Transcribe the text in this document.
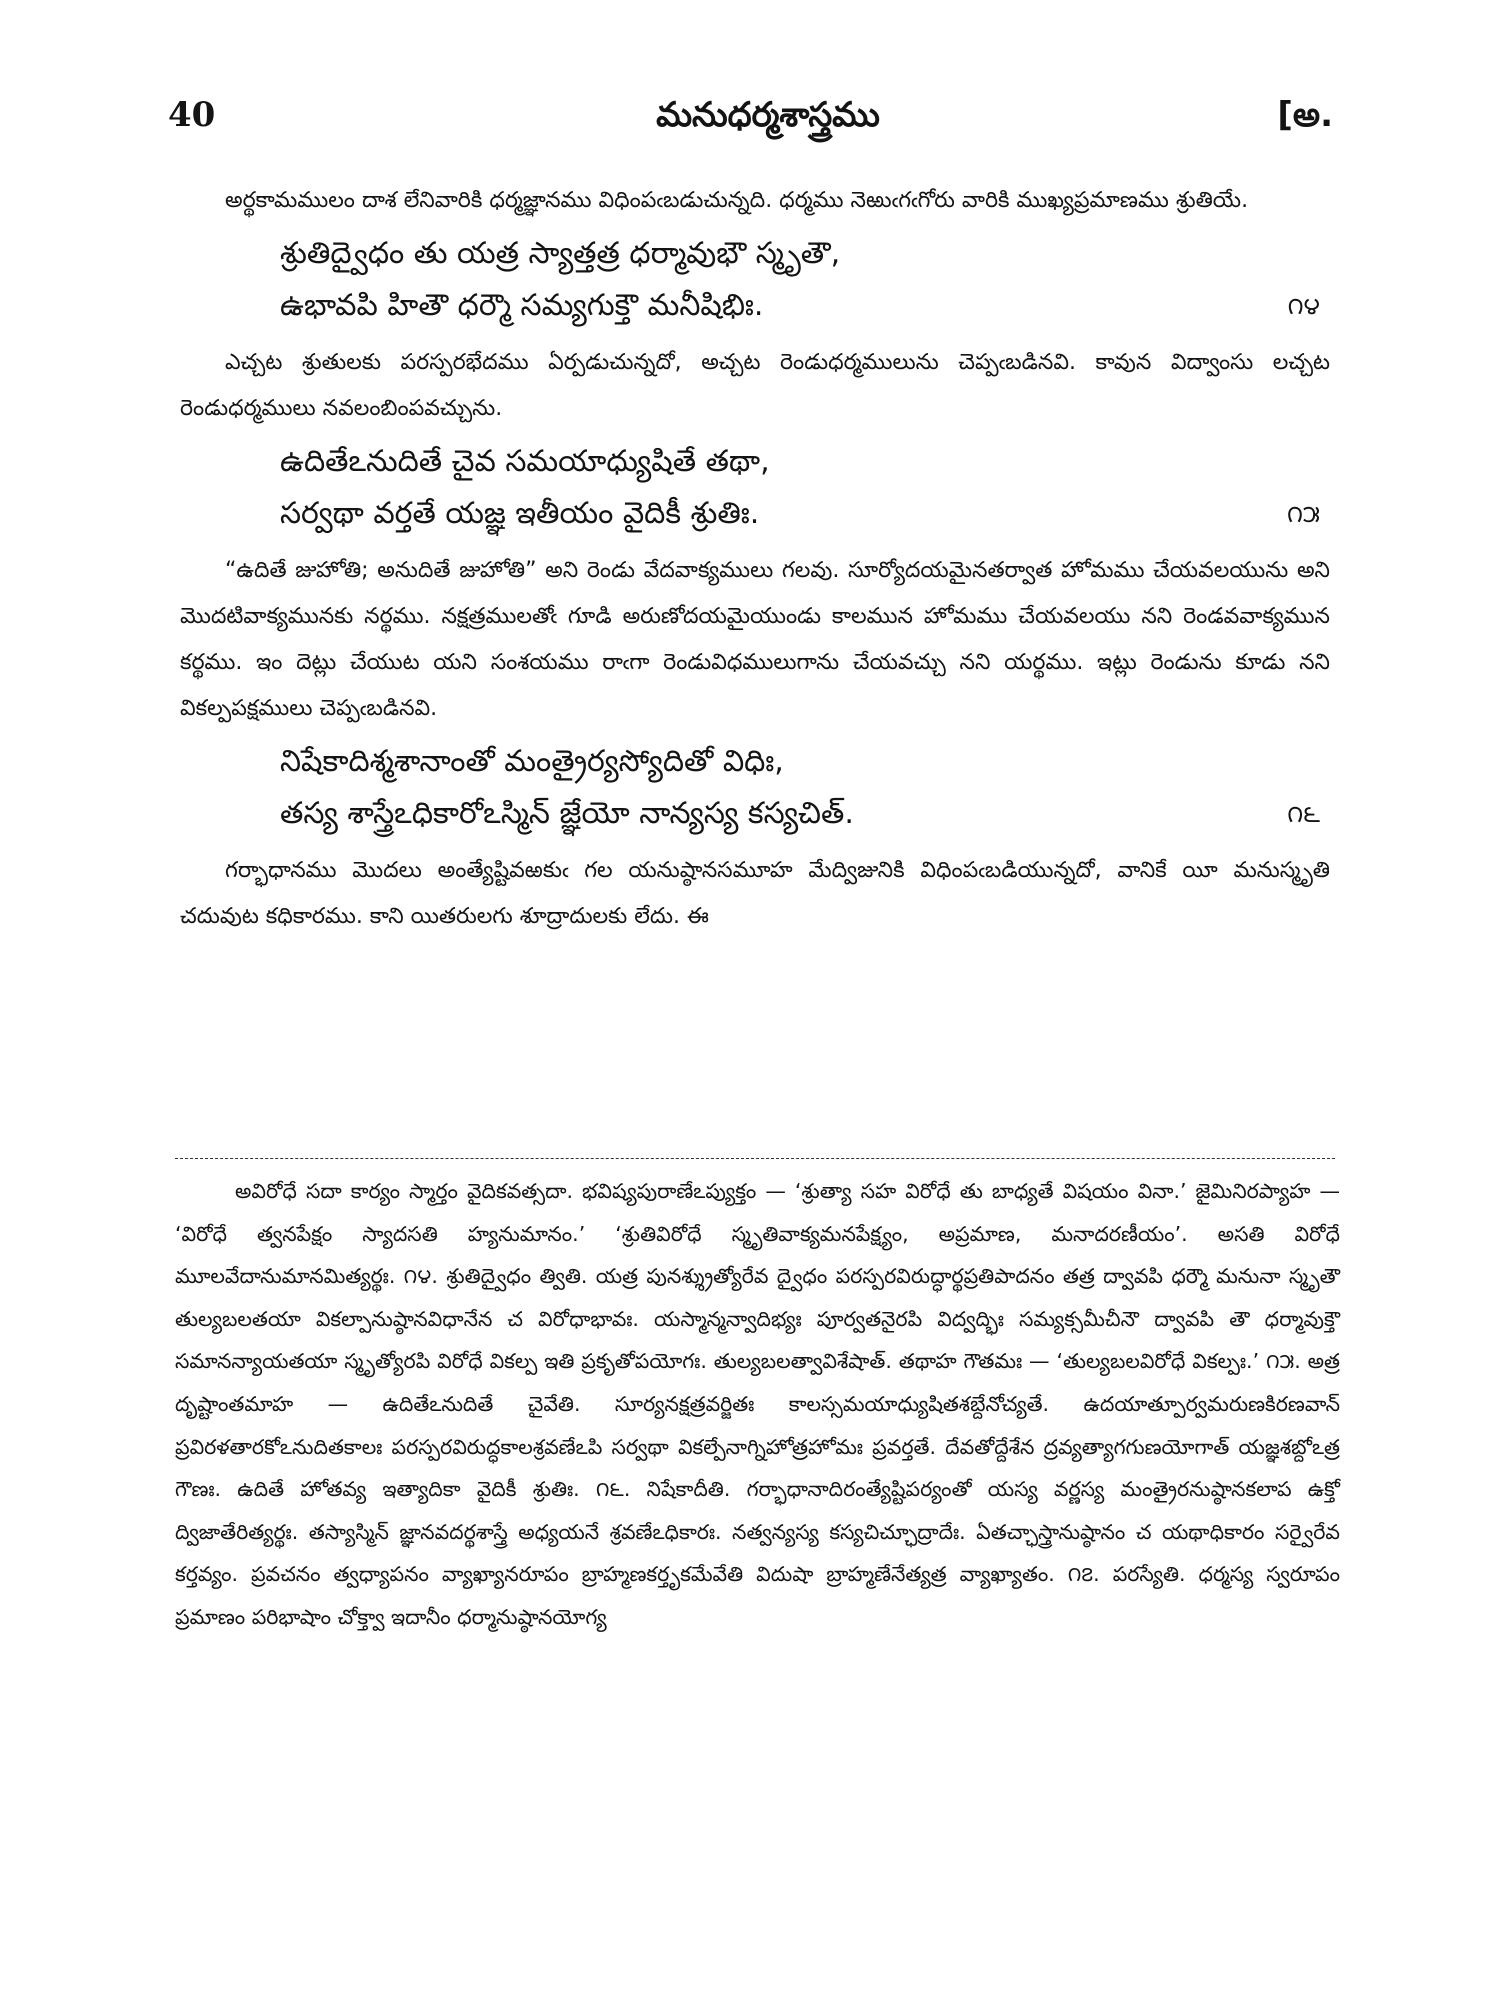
40	మనుధర్మశాస్త్రము	[అ.

అర్థకామములం దాశ లేనివారికి ధర్మజ్ఞానము విధింపఁబడుచున్నది. ధర్మము నెఱుఁగఁగోరు వారికి ముఖ్యప్రమాణము శ్రుతియే.

శ్రుతిద్వైధం తు యత్ర స్యాత్తత్ర ధర్మావుభౌ స్మృతౌ,

ఉభావపి హితౌ ధర్మౌ సమ్యగుక్తౌ మనీషిభిః.	౧౪

ఎచ్చట శ్రుతులకు పరస్పరభేదము ఏర్పడుచున్నదో, అచ్చట రెండుధర్మములును చెప్పఁబడినవి. కావున విద్వాంసు లచ్చట రెండుధర్మములు నవలంబింపవచ్చును.

ఉదితేఽనుదితే చైవ సమయాధ్యుషితే తథా,

సర్వథా వర్తతే యజ్ఞ ఇతీయం వైదికీ శ్రుతిః.	౧౫

“ఉదితే జుహోతి; అనుదితే జుహోతి” అని రెండు వేదవాక్యములు గలవు. సూర్యోదయమైనతర్వాత హోమము చేయవలయును అని మొదటివాక్యమునకు నర్థము. నక్షత్రములతోఁ గూడి అరుణోదయమైయుండు కాలమున హోమము చేయవలయు నని రెండవవాక్యమున కర్థము. ఇం దెట్లు చేయుట యని సంశయము రాఁగా రెండువిధములుగాను చేయవచ్చు నని యర్థము. ఇట్లు రెండును కూడు నని వికల్పపక్షములు చెప్పఁబడినవి.

నిషేకాదిశ్మశానాంతో మంత్రైర్యస్యోదితో విధిః,

తస్య శాస్త్రేఽధికారోఽస్మిన్ జ్ఞేయో నాన్యస్య కస్యచిత్.	౧౬

గర్భాధానము మొదలు అంత్యేష్టివఱకుఁ గల యనుష్ఠానసమూహ మేద్విజునికి విధింపఁబడియున్నదో, వానికే యీ మనుస్మృతి చదువుట కధికారము. కాని యితరులగు శూద్రాదులకు లేదు. ఈ

అవిరోధే సదా కార్యం స్మార్తం వైదికవత్సదా. భవిష్యపురాణేఽప్యుక్తం — ‘శ్రుత్యా సహ విరోధే తు బాధ్యతే విషయం వినా.’ జైమినిరప్యాహ — ‘విరోధే త్వనపేక్షం స్యాదసతి హ్యనుమానం.’ ‘శ్రుతివిరోధే స్మృతివాక్యమనపేక్ష్యం, అప్రమాణ, మనాదరణీయం’. అసతి విరోధే మూలవేదానుమానమిత్యర్థః. ౧౪. శ్రుతిద్వైధం త్వితి. యత్ర పునశ్శ్రుత్యోరేవ ద్వైధం పరస్పరవిరుద్ధార్థప్రతిపాదనం తత్ర ద్వావపి ధర్మౌ మనునా స్మృతౌ తుల్యబలతయా వికల్పానుష్ఠానవిధానేన చ విరోధాభావః. యస్మాన్మన్వాదిభ్యః పూర్వతనైరపి విద్వద్భిః సమ్యక్సమీచీనౌ ద్వావపి తౌ ధర్మావుక్తౌ సమానన్యాయతయా స్మృత్యోరపి విరోధే వికల్ప ఇతి ప్రకృతోపయోగః. తుల్యబలత్వావిశేషాత్. తథాహ గౌతమః — ‘తుల్యబలవిరోధే వికల్పః.’ ౧౫. అత్ర దృష్టాంతమాహ — ఉదితేఽనుదితే చైవేతి. సూర్యనక్షత్రవర్జితః కాలస్సమయాధ్యుషితశబ్దేనోచ్యతే. ఉదయాత్పూర్వమరుణకిరణవాన్ ప్రవిరళతారకోఽనుదితకాలః పరస్పరవిరుద్ధకాలశ్రవణేఽపి సర్వథా వికల్పేనాగ్నిహోత్రహోమః ప్రవర్తతే. దేవతోద్దేశేన ద్రవ్యత్యాగగుణయోగాత్ యజ్ఞశబ్దోఽత్ర గౌణః. ఉదితే హోతవ్య ఇత్యాదికా వైదికీ శ్రుతిః. ౧౬. నిషేకాదీతి. గర్భాధానాదిరంత్యేష్టిపర్యంతో యస్య వర్ణస్య మంత్రైరనుష్ఠానకలాప ఉక్తో ద్విజాతేరిత్యర్థః. తస్యాస్మిన్ జ్ఞానవదర్థశాస్త్రే అధ్యయనే శ్రవణేఽధికారః. నత్వన్యస్య కస్యచిచ్ఛూద్రాదేః. ఏతచ్ఛాస్త్రానుష్ఠానం చ యథాధికారం సర్వైరేవ కర్తవ్యం. ప్రవచనం త్వధ్యాపనం వ్యాఖ్యానరూపం బ్రాహ్మణకర్తృకమేవేతి విదుషా బ్రాహ్మణేనేత్యత్ర వ్యాఖ్యాతం. ౧౭. పరస్యేతి. ధర్మస్య స్వరూపం ప్రమాణం పరిభాషాం చోక్త్వా ఇదానీం ధర్మానుష్ఠానయోగ్య
